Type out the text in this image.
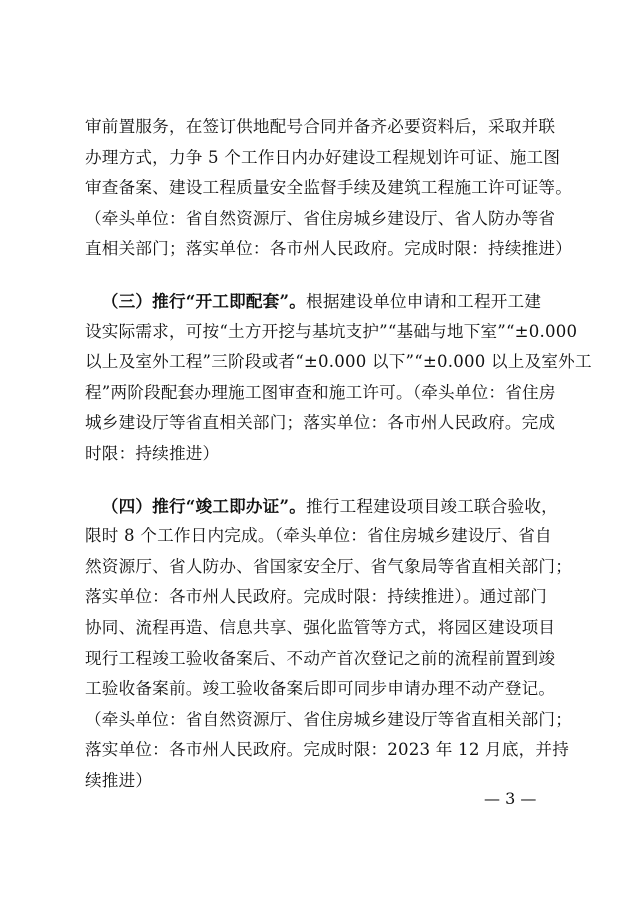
审前置服务，在签订供地配号合同并备齐必要资料后，采取并联
办理方式，力争 5 个工作日内办好建设工程规划许可证、施工图
审查备案、建设工程质量安全监督手续及建筑工程施工许可证等。
（牵头单位：省自然资源厅、省住房城乡建设厅、省人防办等省
直相关部门；落实单位：各市州人民政府。完成时限：持续推进）
 （三）推行“开工即配套”。根据建设单位申请和工程开工建
设实际需求，可按“土方开挖与基坑支护”“基础与地下室”“±0.000
以上及室外工程”三阶段或者“±0.000 以下”“±0.000 以上及室外工
程”两阶段配套办理施工图审查和施工许可。（牵头单位：省住房
城乡建设厅等省直相关部门；落实单位：各市州人民政府。完成
时限：持续推进）
 （四）推行“竣工即办证”。推行工程建设项目竣工联合验收，
限时 8 个工作日内完成。（牵头单位：省住房城乡建设厅、省自
然资源厅、省人防办、省国家安全厅、省气象局等省直相关部门；
落实单位：各市州人民政府。完成时限：持续推进）。通过部门
协同、流程再造、信息共享、强化监管等方式，将园区建设项目
现行工程竣工验收备案后、不动产首次登记之前的流程前置到竣
工验收备案前。竣工验收备案后即可同步申请办理不动产登记。
（牵头单位：省自然资源厅、省住房城乡建设厅等省直相关部门；
落实单位：各市州人民政府。完成时限：2023 年 12 月底，并持
续推进）
— 3 —
